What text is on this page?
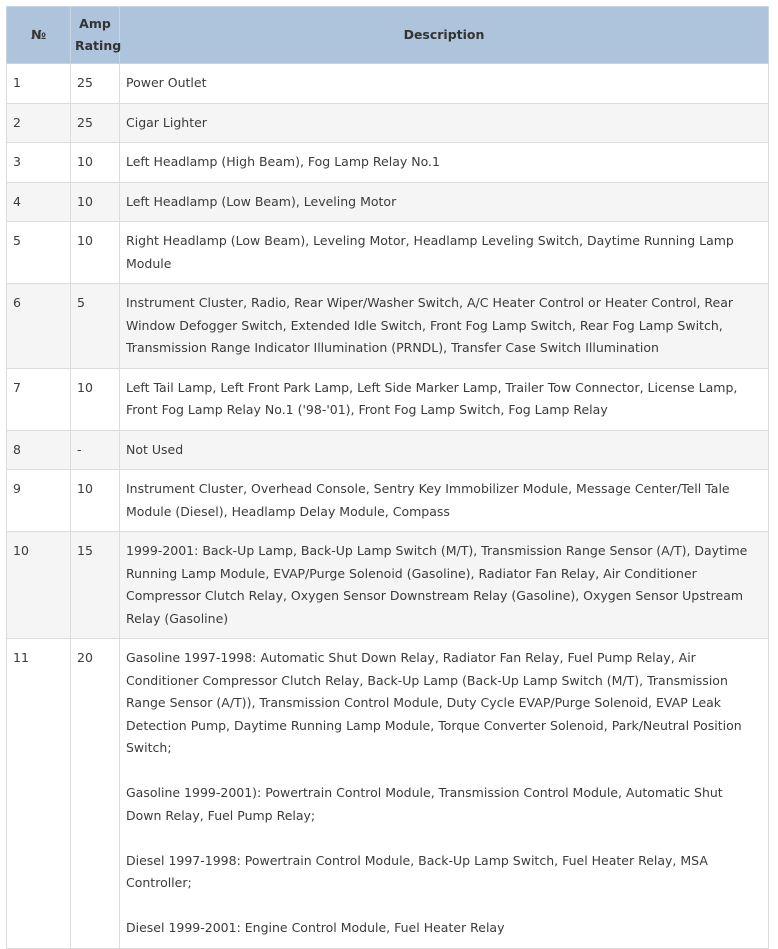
№	Amp Rating	Description
1	25	Power Outlet

2	25	Cigar Lighter

3	10	Left Headlamp (High Beam), Fog Lamp Relay No.1

4	10	Left Headlamp (Low Beam), Leveling Motor

5	10	Right Headlamp (Low Beam), Leveling Motor, Headlamp Leveling Switch, Daytime Running Lamp Module

6	5	Instrument Cluster, Radio, Rear Wiper/Washer Switch, A/C Heater Control or Heater Control, Rear Window Defogger Switch, Extended Idle Switch, Front Fog Lamp Switch, Rear Fog Lamp Switch, Transmission Range Indicator Illumination (PRNDL), Transfer Case Switch Illumination

7	10	Left Tail Lamp, Left Front Park Lamp, Left Side Marker Lamp, Trailer Tow Connector, License Lamp, Front Fog Lamp Relay No.1 ('98-'01), Front Fog Lamp Switch, Fog Lamp Relay

8	-	Not Used

9	10	Instrument Cluster, Overhead Console, Sentry Key Immobilizer Module, Message Center/Tell Tale Module (Diesel), Headlamp Delay Module, Compass

10	15	1999-2001: Back-Up Lamp, Back-Up Lamp Switch (M/T), Transmission Range Sensor (A/T), Daytime Running Lamp Module, EVAP/Purge Solenoid (Gasoline), Radiator Fan Relay, Air Conditioner Compressor Clutch Relay, Oxygen Sensor Downstream Relay (Gasoline), Oxygen Sensor Upstream Relay (Gasoline)

11	20	Gasoline 1997-1998: Automatic Shut Down Relay, Radiator Fan Relay, Fuel Pump Relay, Air Conditioner Compressor Clutch Relay, Back-Up Lamp (Back-Up Lamp Switch (M/T), Transmission Range Sensor (A/T)), Transmission Control Module, Duty Cycle EVAP/Purge Solenoid, EVAP Leak Detection Pump, Daytime Running Lamp Module, Torque Converter Solenoid, Park/Neutral Position Switch;

Gasoline 1999-2001): Powertrain Control Module, Transmission Control Module, Automatic Shut Down Relay, Fuel Pump Relay;

Diesel 1997-1998: Powertrain Control Module, Back-Up Lamp Switch, Fuel Heater Relay, MSA Controller;

Diesel 1999-2001: Engine Control Module, Fuel Heater Relay
